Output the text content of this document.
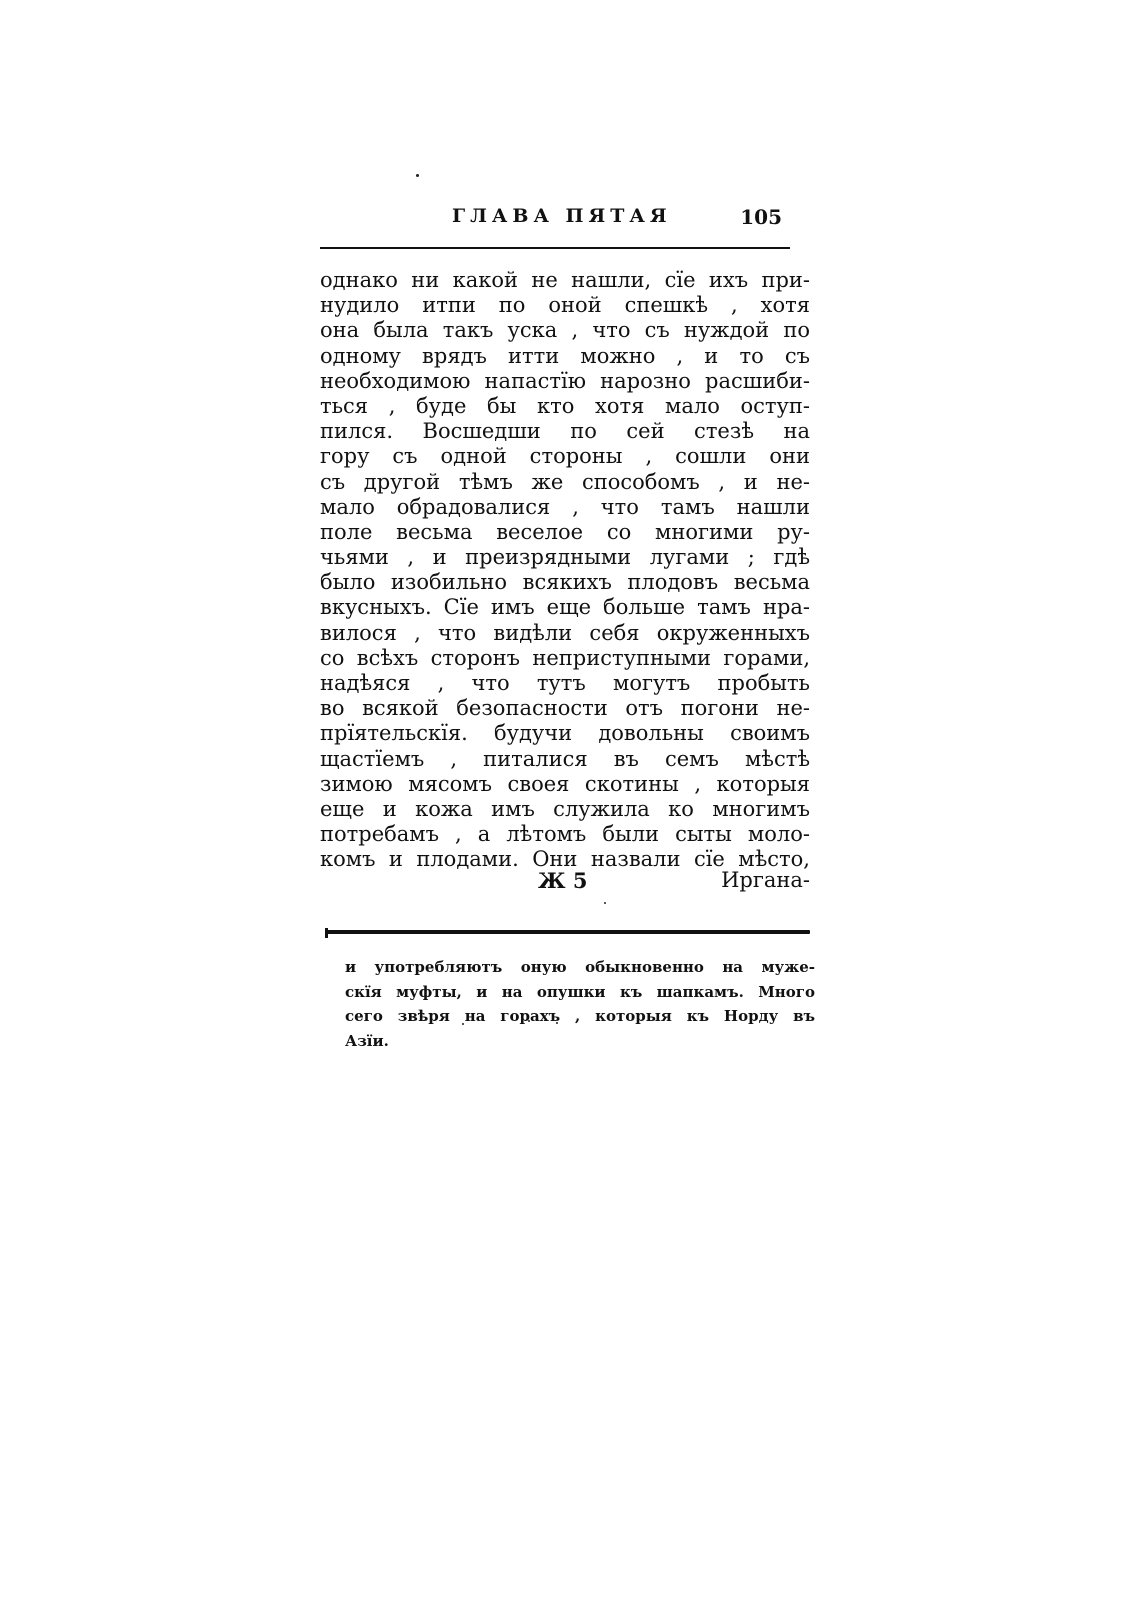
ГЛАВА ПЯТАЯ	105
однако ни какой не нашли, сїе ихъ при-
нудило итпи по оной спешкѣ , хотя
она была такъ уска , что съ нуждой по
одному врядъ итти можно , и то съ
необходимою напастїю нарозно расшиби-
ться , буде бы кто хотя мало оступ-
пился. Восшедши по сей стезѣ на
гору съ одной стороны , сошли они
съ другой тѣмъ же способомъ , и не-
мало обрадовалися , что тамъ нашли
поле весьма веселое со многими ру-
чьями , и преизрядными лугами ; гдѣ
было изобильно всякихъ плодовъ весьма
вкусныхъ. Сїе имъ еще больше тамъ нра-
вилося , что видѣли себя окруженныхъ
со всѣхъ сторонъ неприступными горами,
надѣяся , что тутъ могутъ пробыть
во всякой безопасности отъ погони не-
прїятельскїя. будучи довольны своимъ
щастїемъ , питалися въ семъ мѣстѣ
зимою мясомъ своея скотины , которыя
еще и кожа имъ служила ко многимъ
потребамъ , а лѣтомъ были сыты моло-
комъ и плодами. Они назвали сїе мѣсто,
Ж 5	Иргана-
и употребляютъ оную обыкновенно на муже-
скїя муфты, и на опушки къ шапкамъ. Много
сего звѣря на горахъ , которыя къ Норду въ
Азїи.
